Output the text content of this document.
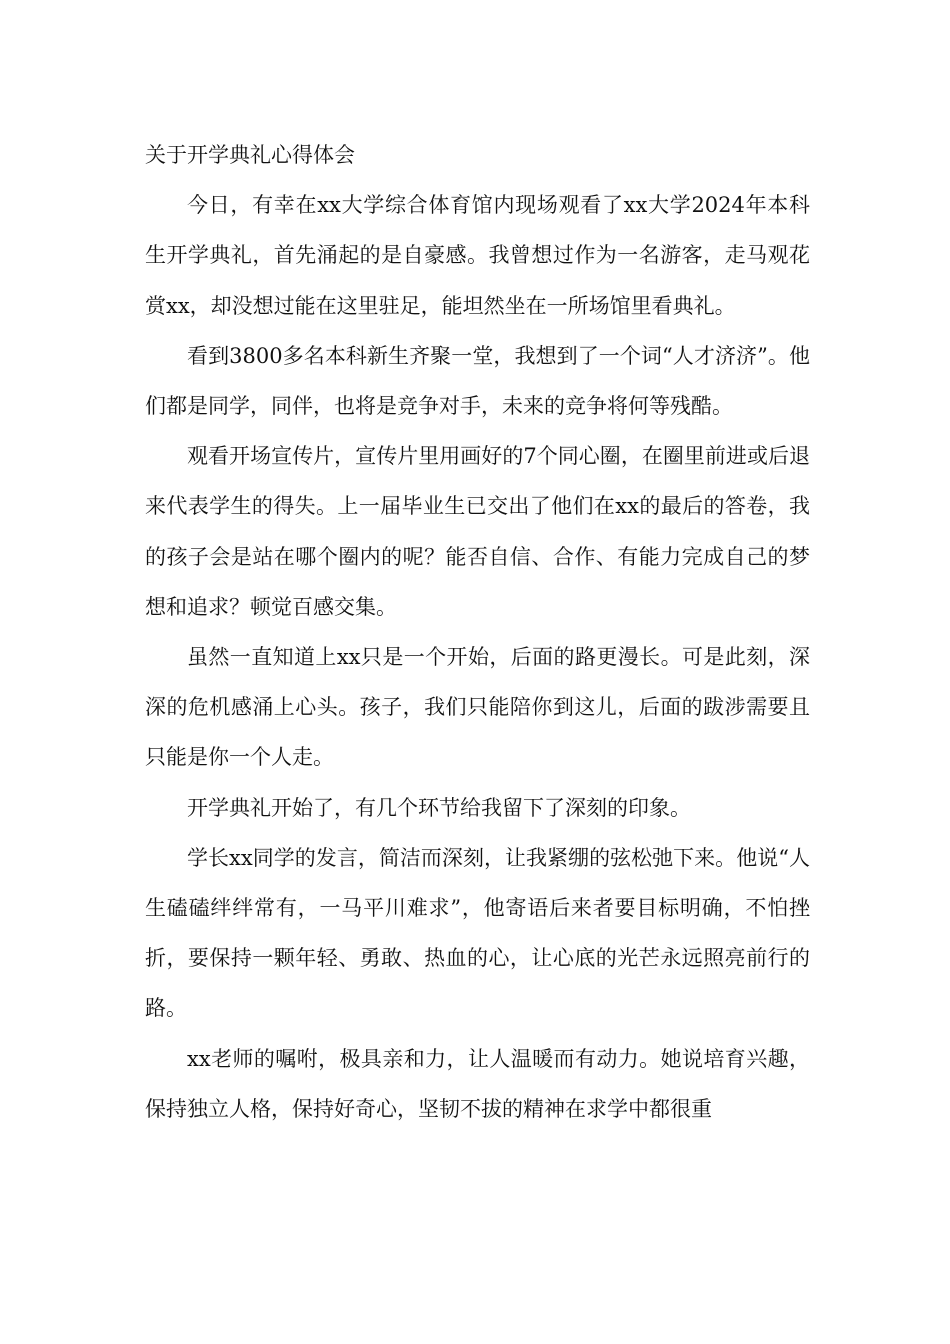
关于开学典礼心得体会

今日，有幸在xx大学综合体育馆内现场观看了xx大学2024年本科生开学典礼，首先涌起的是自豪感。我曾想过作为一名游客，走马观花赏xx，却没想过能在这里驻足，能坦然坐在一所场馆里看典礼。

看到3800多名本科新生齐聚一堂，我想到了一个词“人才济济”。他们都是同学，同伴，也将是竞争对手，未来的竞争将何等残酷。

观看开场宣传片，宣传片里用画好的7个同心圈，在圈里前进或后退来代表学生的得失。上一届毕业生已交出了他们在xx的最后的答卷，我的孩子会是站在哪个圈内的呢？能否自信、合作、有能力完成自己的梦想和追求？顿觉百感交集。

虽然一直知道上xx只是一个开始，后面的路更漫长。可是此刻，深深的危机感涌上心头。孩子，我们只能陪你到这儿，后面的跋涉需要且只能是你一个人走。

开学典礼开始了，有几个环节给我留下了深刻的印象。

学长xx同学的发言，简洁而深刻，让我紧绷的弦松弛下来。他说“人生磕磕绊绊常有，一马平川难求”，他寄语后来者要目标明确，不怕挫折，要保持一颗年轻、勇敢、热血的心，让心底的光芒永远照亮前行的路。

xx老师的嘱咐，极具亲和力，让人温暖而有动力。她说培育兴趣，保持独立人格，保持好奇心，坚韧不拔的精神在求学中都很重
